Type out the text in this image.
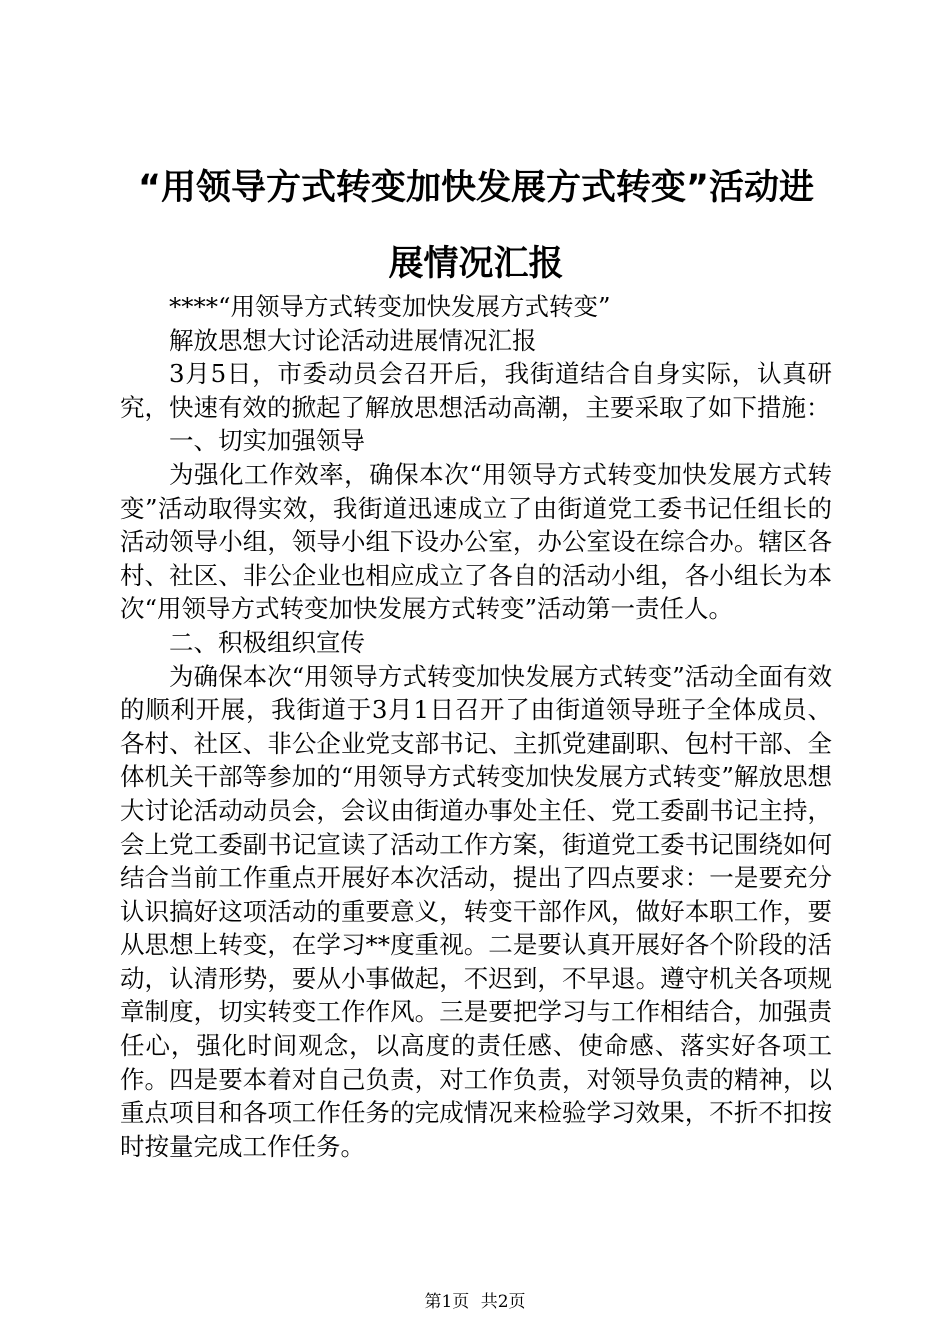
“用领导方式转变加快发展方式转变”活动进
展情况汇报

****“用领导方式转变加快发展方式转变”

解放思想大讨论活动进展情况汇报

3月5日，市委动员会召开后，我街道结合自身实际，认真研究，快速有效的掀起了解放思想活动高潮，主要采取了如下措施：

一、切实加强领导

为强化工作效率，确保本次“用领导方式转变加快发展方式转变”活动取得实效，我街道迅速成立了由街道党工委书记任组长的活动领导小组，领导小组下设办公室，办公室设在综合办。辖区各村、社区、非公企业也相应成立了各自的活动小组，各小组长为本次“用领导方式转变加快发展方式转变”活动第一责任人。

二、积极组织宣传

为确保本次“用领导方式转变加快发展方式转变”活动全面有效的顺利开展，我街道于3月1日召开了由街道领导班子全体成员、各村、社区、非公企业党支部书记、主抓党建副职、包村干部、全体机关干部等参加的“用领导方式转变加快发展方式转变”解放思想大讨论活动动员会，会议由街道办事处主任、党工委副书记主持，会上党工委副书记宣读了活动工作方案，街道党工委书记围绕如何结合当前工作重点开展好本次活动，提出了四点要求：一是要充分认识搞好这项活动的重要意义，转变干部作风，做好本职工作，要从思想上转变，在学习**度重视。二是要认真开展好各个阶段的活动，认清形势，要从小事做起，不迟到，不早退。遵守机关各项规章制度，切实转变工作作风。三是要把学习与工作相结合，加强责任心，强化时间观念，以高度的责任感、使命感、落实好各项工作。四是要本着对自己负责，对工作负责，对领导负责的精神，以重点项目和各项工作任务的完成情况来检验学习效果，不折不扣按时按量完成工作任务。

第1页 共2页
